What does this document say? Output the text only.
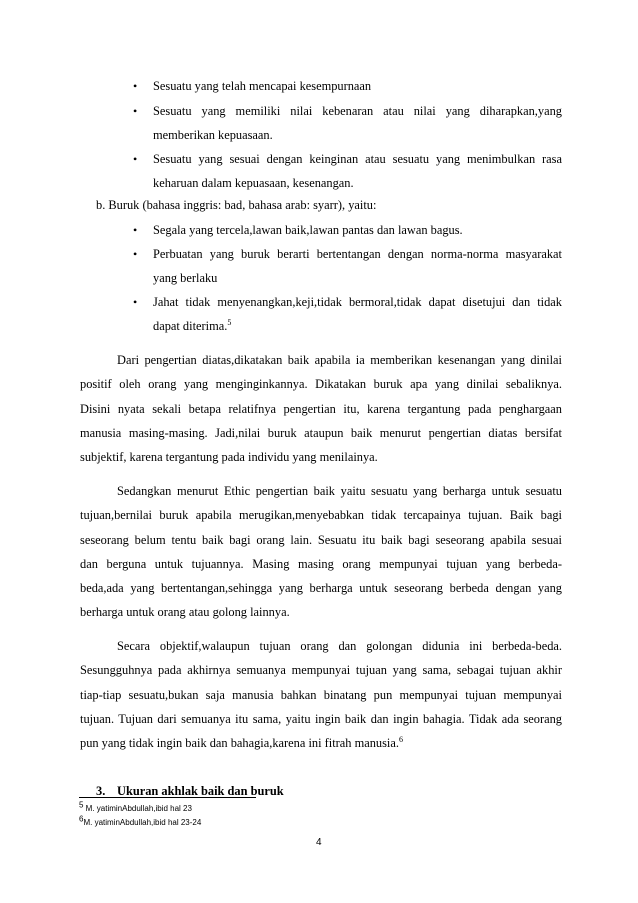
• Sesuatu yang telah mencapai kesempurnaan
• Sesuatu yang memiliki nilai kebenaran atau nilai yang diharapkan,yang
memberikan kepuasaan.
• Sesuatu yang sesuai dengan keinginan atau sesuatu yang menimbulkan rasa
keharuan dalam kepuasaan, kesenangan.
b. Buruk (bahasa inggris: bad, bahasa arab: syarr), yaitu:
• Segala yang tercela,lawan baik,lawan pantas dan lawan bagus.
• Perbuatan yang buruk berarti bertentangan dengan norma-norma masyarakat
yang berlaku
• Jahat tidak menyenangkan,keji,tidak bermoral,tidak dapat disetujui dan tidak
dapat diterima.$^5$
Dari pengertian diatas,dikatakan baik apabila ia memberikan kesenangan yang dinilai
positif oleh orang yang menginginkannya. Dikatakan buruk apa yang dinilai sebaliknya.
Disini nyata sekali betapa relatifnya pengertian itu, karena tergantung pada penghargaan
manusia masing-masing. Jadi,nilai buruk ataupun baik menurut pengertian diatas bersifat
subjektif, karena tergantung pada individu yang menilainya.
Sedangkan menurut Ethic pengertian baik yaitu sesuatu yang berharga untuk sesuatu
tujuan,bernilai buruk apabila merugikan,menyebabkan tidak tercapainya tujuan. Baik bagi
seseorang belum tentu baik bagi orang lain. Sesuatu itu baik bagi seseorang apabila sesuai
dan berguna untuk tujuannya. Masing masing orang mempunyai tujuan yang berbeda-
beda,ada yang bertentangan,sehingga yang berharga untuk seseorang berbeda dengan yang
berharga untuk orang atau golong lainnya.
Secara objektif,walaupun tujuan orang dan golongan didunia ini berbeda-beda.
Sesungguhnya pada akhirnya semuanya mempunyai tujuan yang sama, sebagai tujuan akhir
tiap-tiap sesuatu,bukan saja manusia bahkan binatang pun mempunyai tujuan mempunyai
tujuan. Tujuan dari semuanya itu sama, yaitu ingin baik dan ingin bahagia. Tidak ada seorang
pun yang tidak ingin baik dan bahagia,karena ini fitrah manusia.$^6$
3. Ukuran akhlak baik dan buruk
$^5$ M. yatiminAbdullah,ibid hal 23
$^6$M. yatiminAbdullah,ibid hal 23-24
4
